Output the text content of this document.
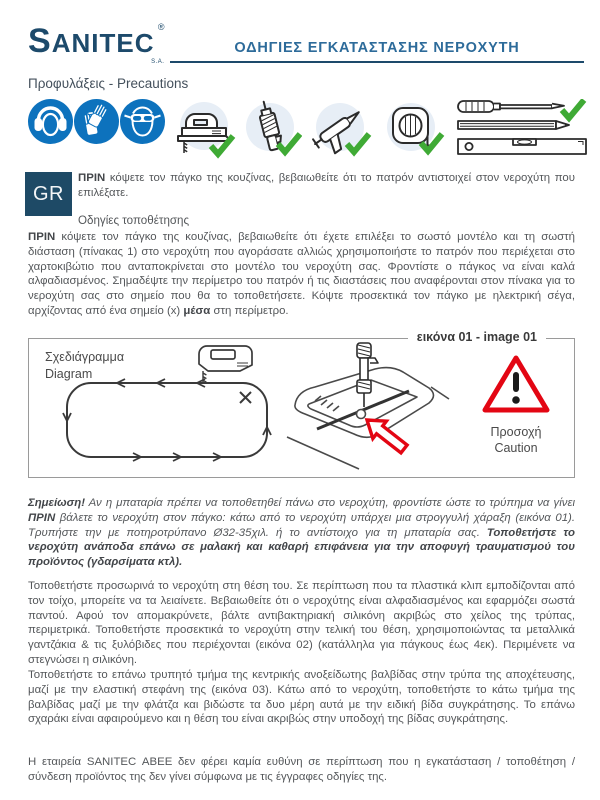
SANITEC
®
S.A.
ΟΔΗΓΙΕΣ ΕΓΚΑΤΑΣΤΑΣΗΣ ΝΕΡΟΧΥΤΗ
Προφυλάξεις - Precautions
GR

ΠΡΙΝ κόψετε τον πάγκο της κουζίνας, βεβαιωθείτε ότι το πατρόν αντιστοιχεί στον νεροχύτη που επιλέξατε.

Οδηγίες τοποθέτησης

ΠΡΙΝ κόψετε τον πάγκο της κουζίνας, βεβαιωθείτε ότι έχετε επιλέξει το σωστό μοντέλο και τη σωστή διάσταση (πίνακας 1) στο νεροχύτη που αγοράσατε αλλιώς χρησιμοποιήστε το πατρόν που περιέχεται στο χαρτοκιβώτιο που ανταποκρίνεται στο μοντέλο του νεροχύτη σας. Φροντίστε ο πάγκος να είναι καλά αλφαδιασμένος. Σημαδέψτε την περίμετρο του πατρόν ή τις διαστάσεις που αναφέρονται στον πίνακα για το νεροχύτη σας στο σημείο που θα το τοποθετήσετε. Κόψτε προσεκτικά τον πάγκο με ηλεκτρική σέγα, αρχίζοντας από ένα σημείο (x) μέσα στη περίμετρο.

εικόνα 01 - image 01
Σχεδιάγραμμα
Diagram
Προσοχή
Caution

Σημείωση! Αν η μπαταρία πρέπει να τοποθετηθεί πάνω στο νεροχύτη, φροντίστε ώστε το τρύπημα να γίνει ΠΡΙΝ βάλετε το νεροχύτη στον πάγκο: κάτω από το νεροχύτη υπάρχει μια στρογγυλή χάραξη (εικόνα 01). Τρυπήστε την με ποτηροτρύπανο Ø32-35χιλ. ή το αντίστοιχο για τη μπαταρία σας. Τοποθετήστε το νεροχύτη ανάποδα επάνω σε μαλακή και καθαρή επιφάνεια για την αποφυγή τραυματισμού του προϊόντος (γδαρσίματα κτλ).

Τοποθετήστε προσωρινά το νεροχύτη στη θέση του. Σε περίπτωση που τα πλαστικά κλιπ εμποδίζονται από τον τοίχο, μπορείτε να τα λειαίνετε. Βεβαιωθείτε ότι ο νεροχύτης είναι αλφαδιασμένος και εφαρμόζει σωστά παντού. Αφού τον απομακρύνετε, βάλτε αντιβακτηριακή σιλικόνη ακριβώς στο χείλος της τρύπας, περιμετρικά. Τοποθετήστε προσεκτικά το νεροχύτη στην τελική του θέση, χρησιμοποιώντας τα μεταλλικά γαντζάκια & τις ξυλόβιδες που περιέχονται (εικόνα 02) (κατάλληλα για πάγκους έως 4εκ). Περιμένετε να στεγνώσει η σιλικόνη.

Τοποθετήστε το επάνω τρυπητό τμήμα της κεντρικής ανοξείδωτης βαλβίδας στην τρύπα της αποχέτευσης, μαζί με την ελαστική στεφάνη της (εικόνα 03). Κάτω από το νεροχύτη, τοποθετήστε το κάτω τμήμα της βαλβίδας μαζί με την φλάτζα και βιδώστε τα δυο μέρη αυτά με την ειδική βίδα συγκράτησης. Το επάνω σχαράκι είναι αφαιρούμενο και η θέση του είναι ακριβώς στην υποδοχή της βίδας συγκράτησης.

Η εταιρεία SANITEC ΑΒΕΕ δεν φέρει καμία ευθύνη σε περίπτωση που η εγκατάσταση / τοποθέτηση / σύνδεση προϊόντος της δεν γίνει σύμφωνα με τις έγγραφες οδηγίες της.
